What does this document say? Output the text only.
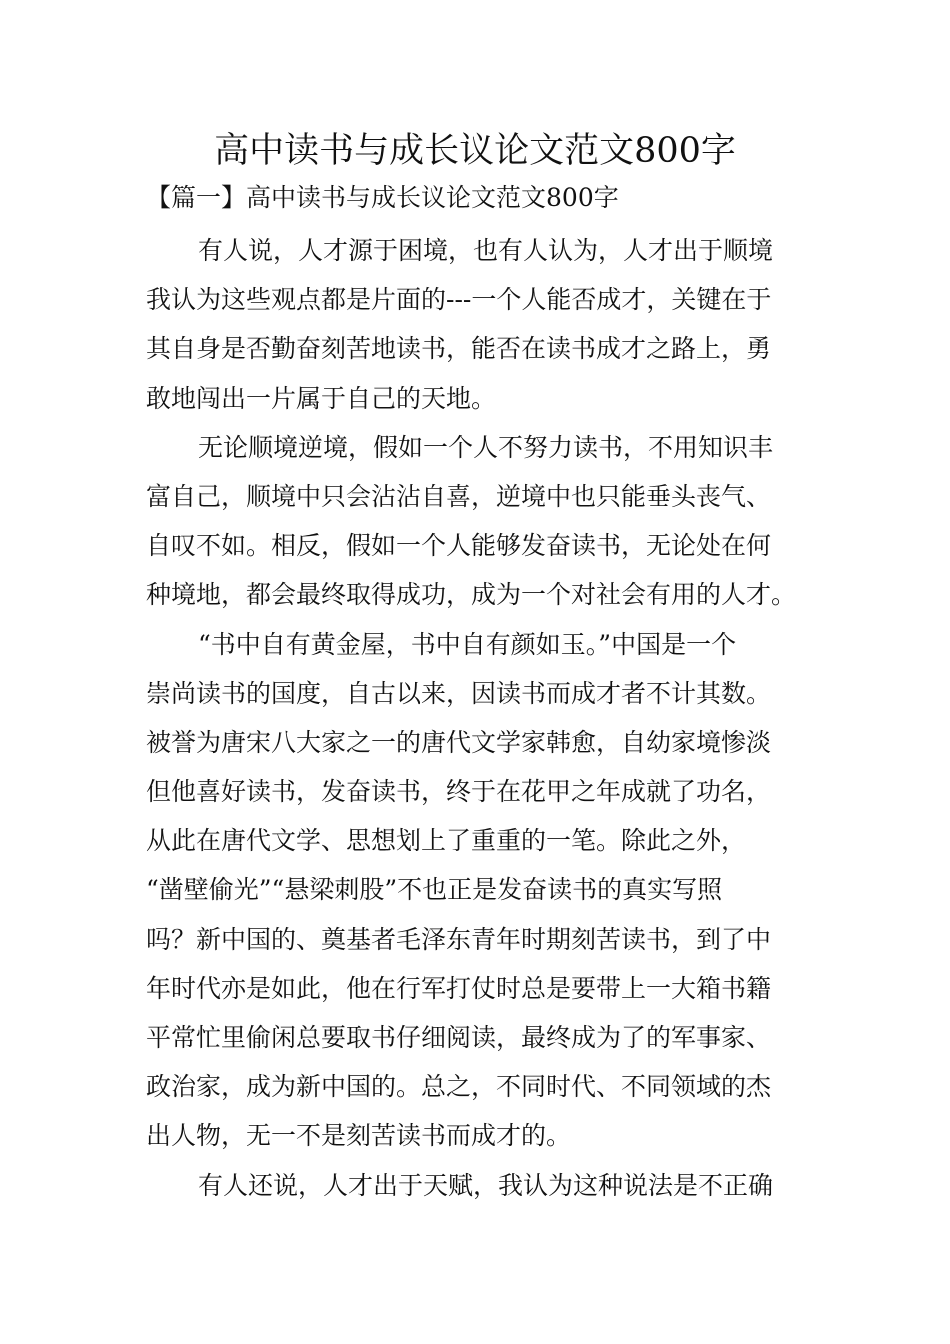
高中读书与成长议论文范文800字
【篇一】高中读书与成长议论文范文800字
有人说，人才源于困境，也有人认为，人才出于顺境
我认为这些观点都是片面的---一个人能否成才，关键在于
其自身是否勤奋刻苦地读书，能否在读书成才之路上，勇
敢地闯出一片属于自己的天地。
无论顺境逆境，假如一个人不努力读书，不用知识丰
富自己，顺境中只会沾沾自喜，逆境中也只能垂头丧气、
自叹不如。相反，假如一个人能够发奋读书，无论处在何
种境地，都会最终取得成功，成为一个对社会有用的人才。
“书中自有黄金屋，书中自有颜如玉。”中国是一个
崇尚读书的国度，自古以来，因读书而成才者不计其数。
被誉为唐宋八大家之一的唐代文学家韩愈，自幼家境惨淡
但他喜好读书，发奋读书，终于在花甲之年成就了功名，
从此在唐代文学、思想划上了重重的一笔。除此之外，
“凿壁偷光”“悬梁刺股”不也正是发奋读书的真实写照
吗？新中国的、奠基者毛泽东青年时期刻苦读书，到了中
年时代亦是如此，他在行军打仗时总是要带上一大箱书籍
平常忙里偷闲总要取书仔细阅读，最终成为了的军事家、
政治家，成为新中国的。总之，不同时代、不同领域的杰
出人物，无一不是刻苦读书而成才的。
有人还说，人才出于天赋，我认为这种说法是不正确
